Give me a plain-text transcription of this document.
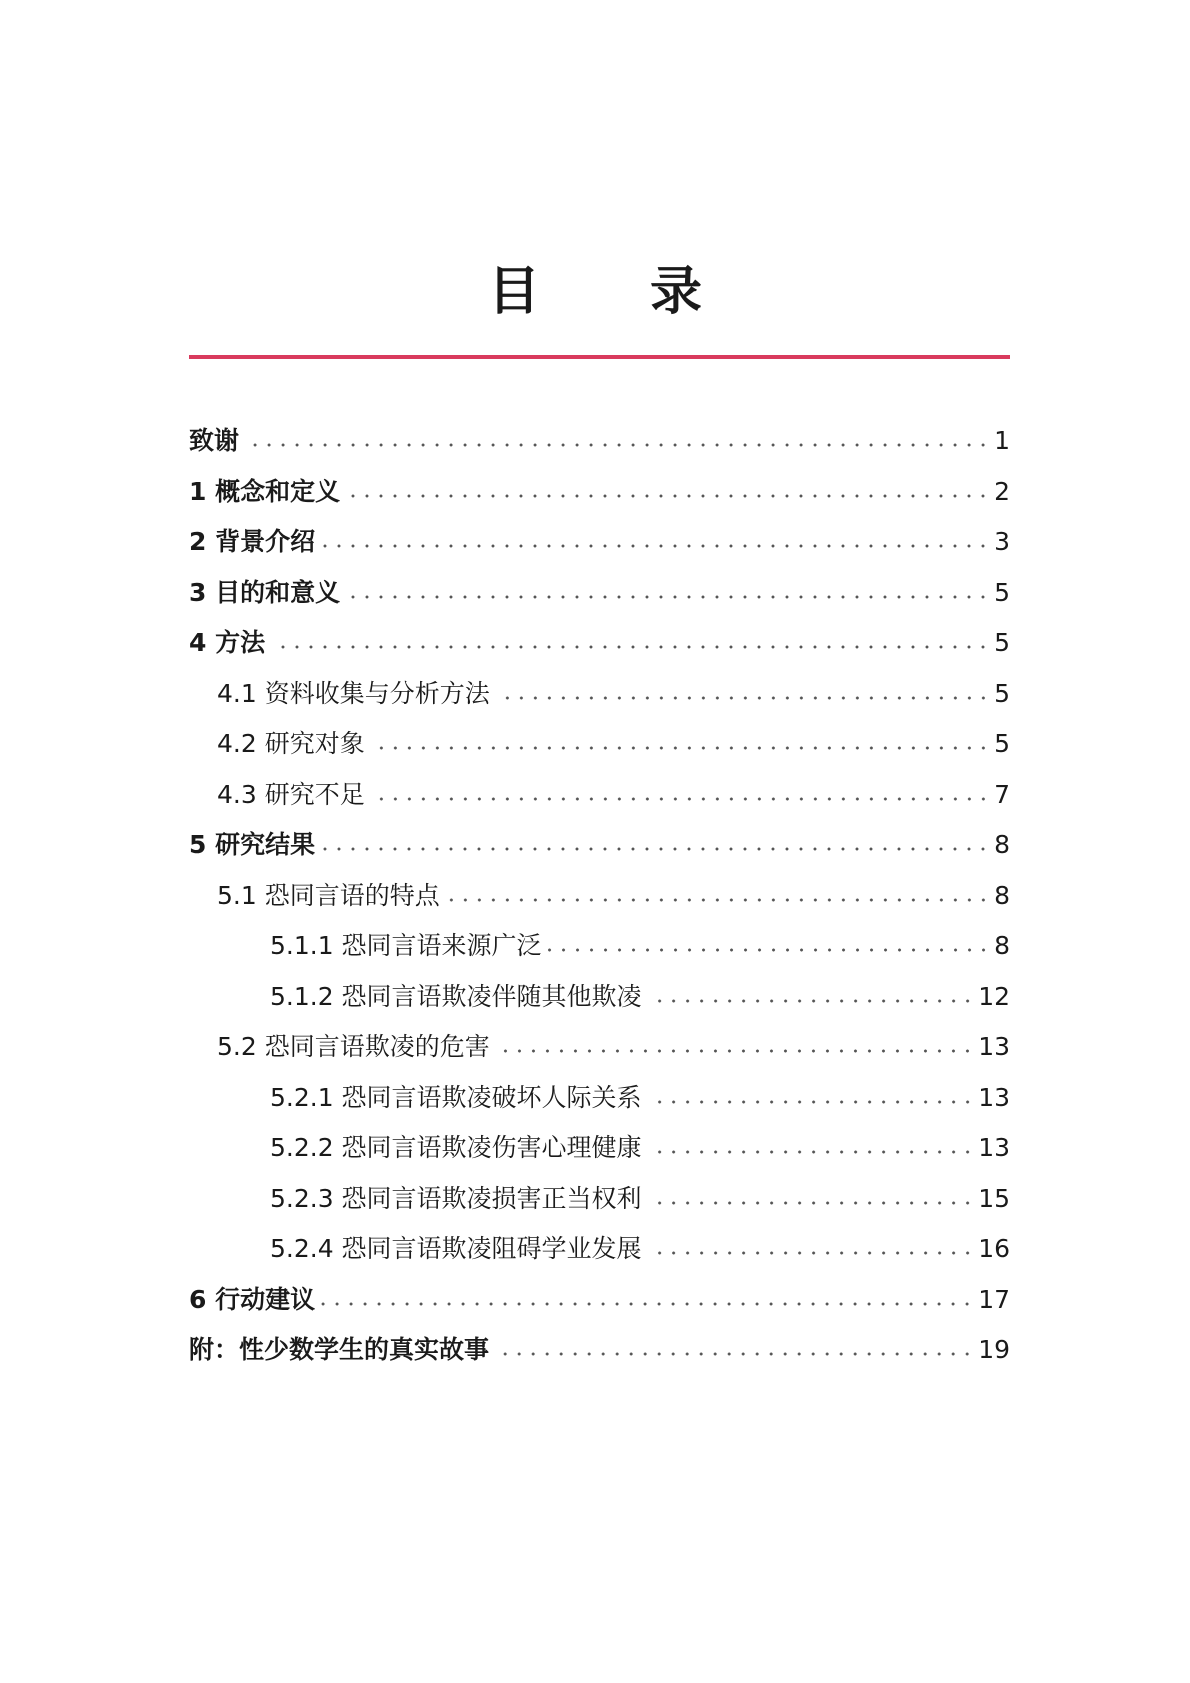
目 录
致谢	1
1 概念和定义	2
2 背景介绍	3
3 目的和意义	5
4 方法	5
4.1 资料收集与分析方法	5
4.2 研究对象	5
4.3 研究不足	7
5 研究结果	8
5.1 恐同言语的特点	8
5.1.1 恐同言语来源广泛	8
5.1.2 恐同言语欺凌伴随其他欺凌	12
5.2 恐同言语欺凌的危害	13
5.2.1 恐同言语欺凌破坏人际关系	13
5.2.2 恐同言语欺凌伤害心理健康	13
5.2.3 恐同言语欺凌损害正当权利	15
5.2.4 恐同言语欺凌阻碍学业发展	16
6 行动建议	17
附：性少数学生的真实故事	19
